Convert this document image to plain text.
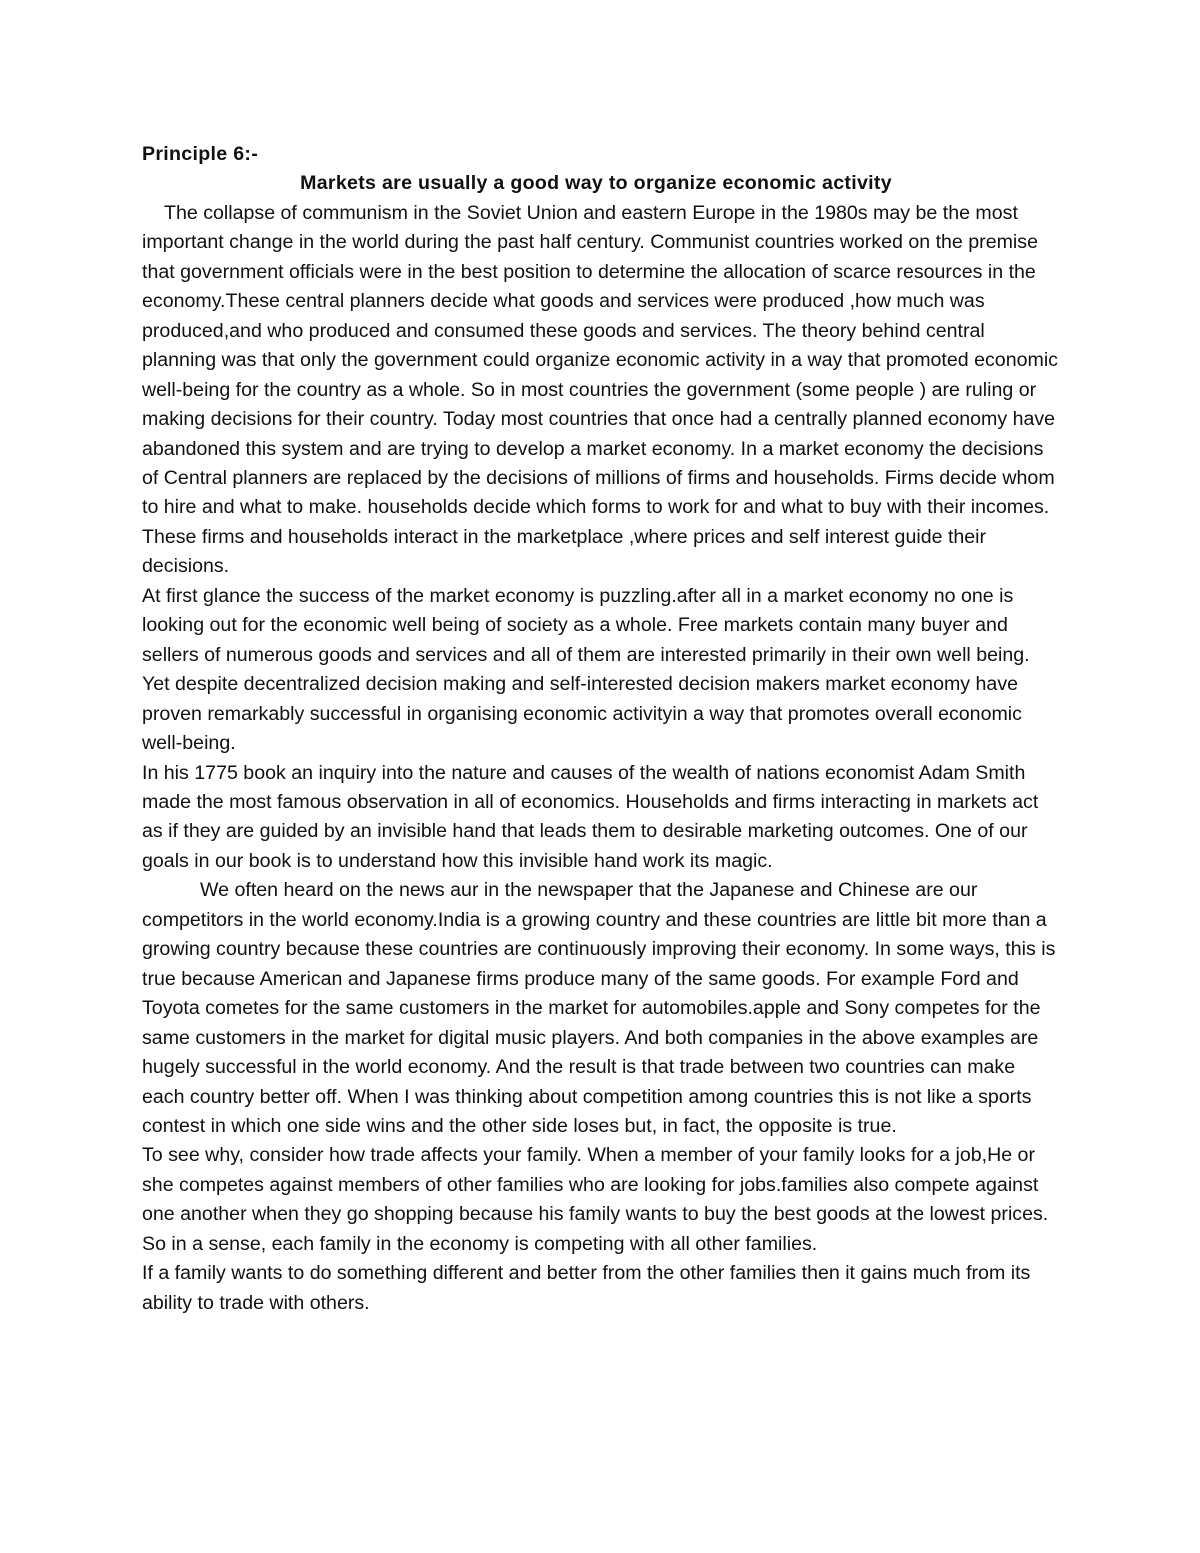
Principle 6:-

Markets are usually a good way to organize economic activity

The collapse of communism in the Soviet Union and eastern Europe in the 1980s may be the most important change in the world during the past half century. Communist countries worked on the premise that government officials were in the best position to determine the allocation of scarce resources in the economy.These central planners decide what goods and services were produced ,how much was produced,and who produced and consumed these goods and services. The theory behind central planning was that only the government could organize economic activity in a way that promoted economic well-being for the country as a whole. So in most countries the government (some people ) are ruling or making decisions for their country. Today most countries that once had a centrally planned economy have abandoned this system and are trying to develop a market economy. In a market economy the decisions of Central planners are replaced by the decisions of millions of firms and households. Firms decide whom to hire and what to make. households decide which forms to work for and what to buy with their incomes. These firms and households interact in the marketplace ,where prices and self interest guide their decisions.

At first glance the success of the market economy is puzzling.after all in a market economy no one is looking out for the economic well being of society as a whole. Free markets contain many buyer and sellers of numerous goods and services and all of them are interested primarily in their own well being. Yet despite decentralized decision making and self-interested decision makers market economy have proven remarkably successful in organising economic activityin a way that promotes overall economic well-being.

In his 1775 book an inquiry into the nature and causes of the wealth of nations economist Adam Smith made the most famous observation in all of economics. Households and firms interacting in markets act as if they are guided by an invisible hand that leads them to desirable marketing outcomes. One of our goals in our book is to understand how this invisible hand work its magic.

We often heard on the news aur in the newspaper that the Japanese and Chinese are our competitors in the world economy.India is a growing country and these countries are little bit more than a growing country because these countries are continuously improving their economy. In some ways, this is true because American and Japanese firms produce many of the same goods. For example Ford and Toyota cometes for the same customers in the market for automobiles.apple and Sony competes for the same customers in the market for digital music players. And both companies in the above examples are hugely successful in the world economy. And the result is that trade between two countries can make each country better off. When I was thinking about competition among countries this is not like a sports contest in which one side wins and the other side loses but, in fact, the opposite is true.

To see why, consider how trade affects your family. When a member of your family looks for a job,He or she competes against members of other families who are looking for jobs.families also compete against one another when they go shopping because his family wants to buy the best goods at the lowest prices. So in a sense, each family in the economy is competing with all other families.

If a family wants to do something different and better from the other families then it gains much from its ability to trade with others.
